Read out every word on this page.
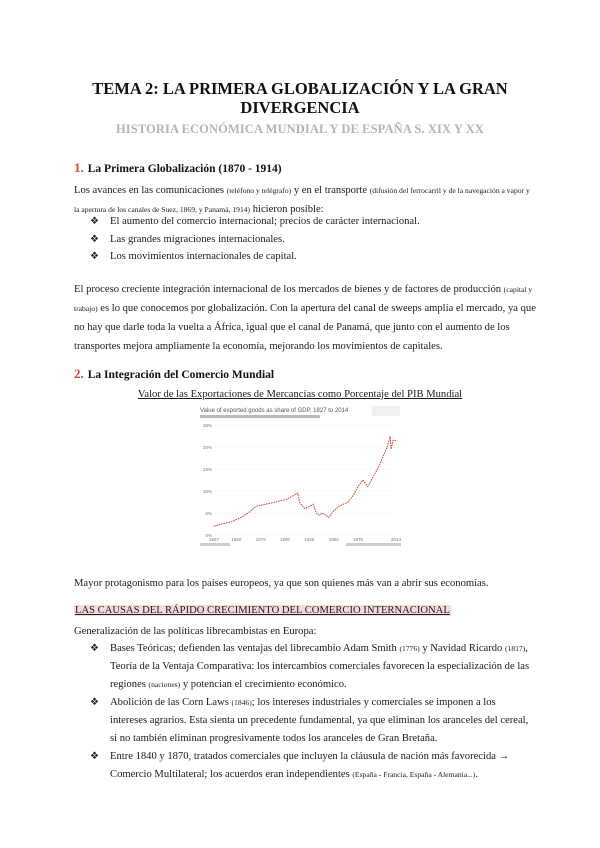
TEMA 2: LA PRIMERA GLOBALIZACIÓN Y LA GRAN
DIVERGENCIA
HISTORIA ECONÓMICA MUNDIAL Y DE ESPAÑA S. XIX Y XX
1. La Primera Globalización (1870 - 1914)

Los avances en las comunicaciones (teléfono y telégrafo) y en el transporte (difusión del ferrocarril y de la navegación a vapor y la apertura de los canales de Suez, 1869, y Panamá, 1914) hicieron posible:

❖ El aumento del comercio internacional; precios de carácter internacional.
❖ Las grandes migraciones internacionales.
❖ Los movimientos internacionales de capital.

El proceso creciente integración internacional de los mercados de bienes y de factores de producción (capital y trabajo) es lo que conocemos por globalización. Con la apertura del canal de sweeps amplía el mercado, ya que no hay que darle toda la vuelta a África, igual que el canal de Panamá, que junto con el aumento de los transportes mejora ampliamente la economía, mejorando los movimientos de capitales.

2. La Integración del Comercio Mundial
Valor de las Exportaciones de Mercancías como Porcentaje del PIB Mundial
Value of exported goods as share of GDP, 1827 to 2014
0%
5%
10%
15%
20%
25%
1827	1850	1875	1900	1925	1950	1975	2014

Mayor protagonismo para los países europeos, ya que son quienes más van a abrir sus economías.

LAS CAUSAS DEL RÁPIDO CRECIMIENTO DEL COMERCIO INTERNACIONAL

Generalización de las políticas librecambistas en Europa:

❖ Bases Teóricas; defienden las ventajas del librecambio Adam Smith (1776) y Navidad Ricardo (1817), Teoría de la Ventaja Comparativa: los intercambios comerciales favorecen la especialización de las regiones (naciones) y potencian el crecimiento económico.
❖ Abolición de las Corn Laws (1846); los intereses industriales y comerciales se imponen a los intereses agrarios. Esta sienta un precedente fundamental, ya que eliminan los aranceles del cereal, si no también eliminan progresivamente todos los aranceles de Gran Bretaña.
❖ Entre 1840 y 1870, tratados comerciales que incluyen la cláusula de nación más favorecida → Comercio Multilateral; los acuerdos eran independientes (España - Francia, España - Alemania...).
